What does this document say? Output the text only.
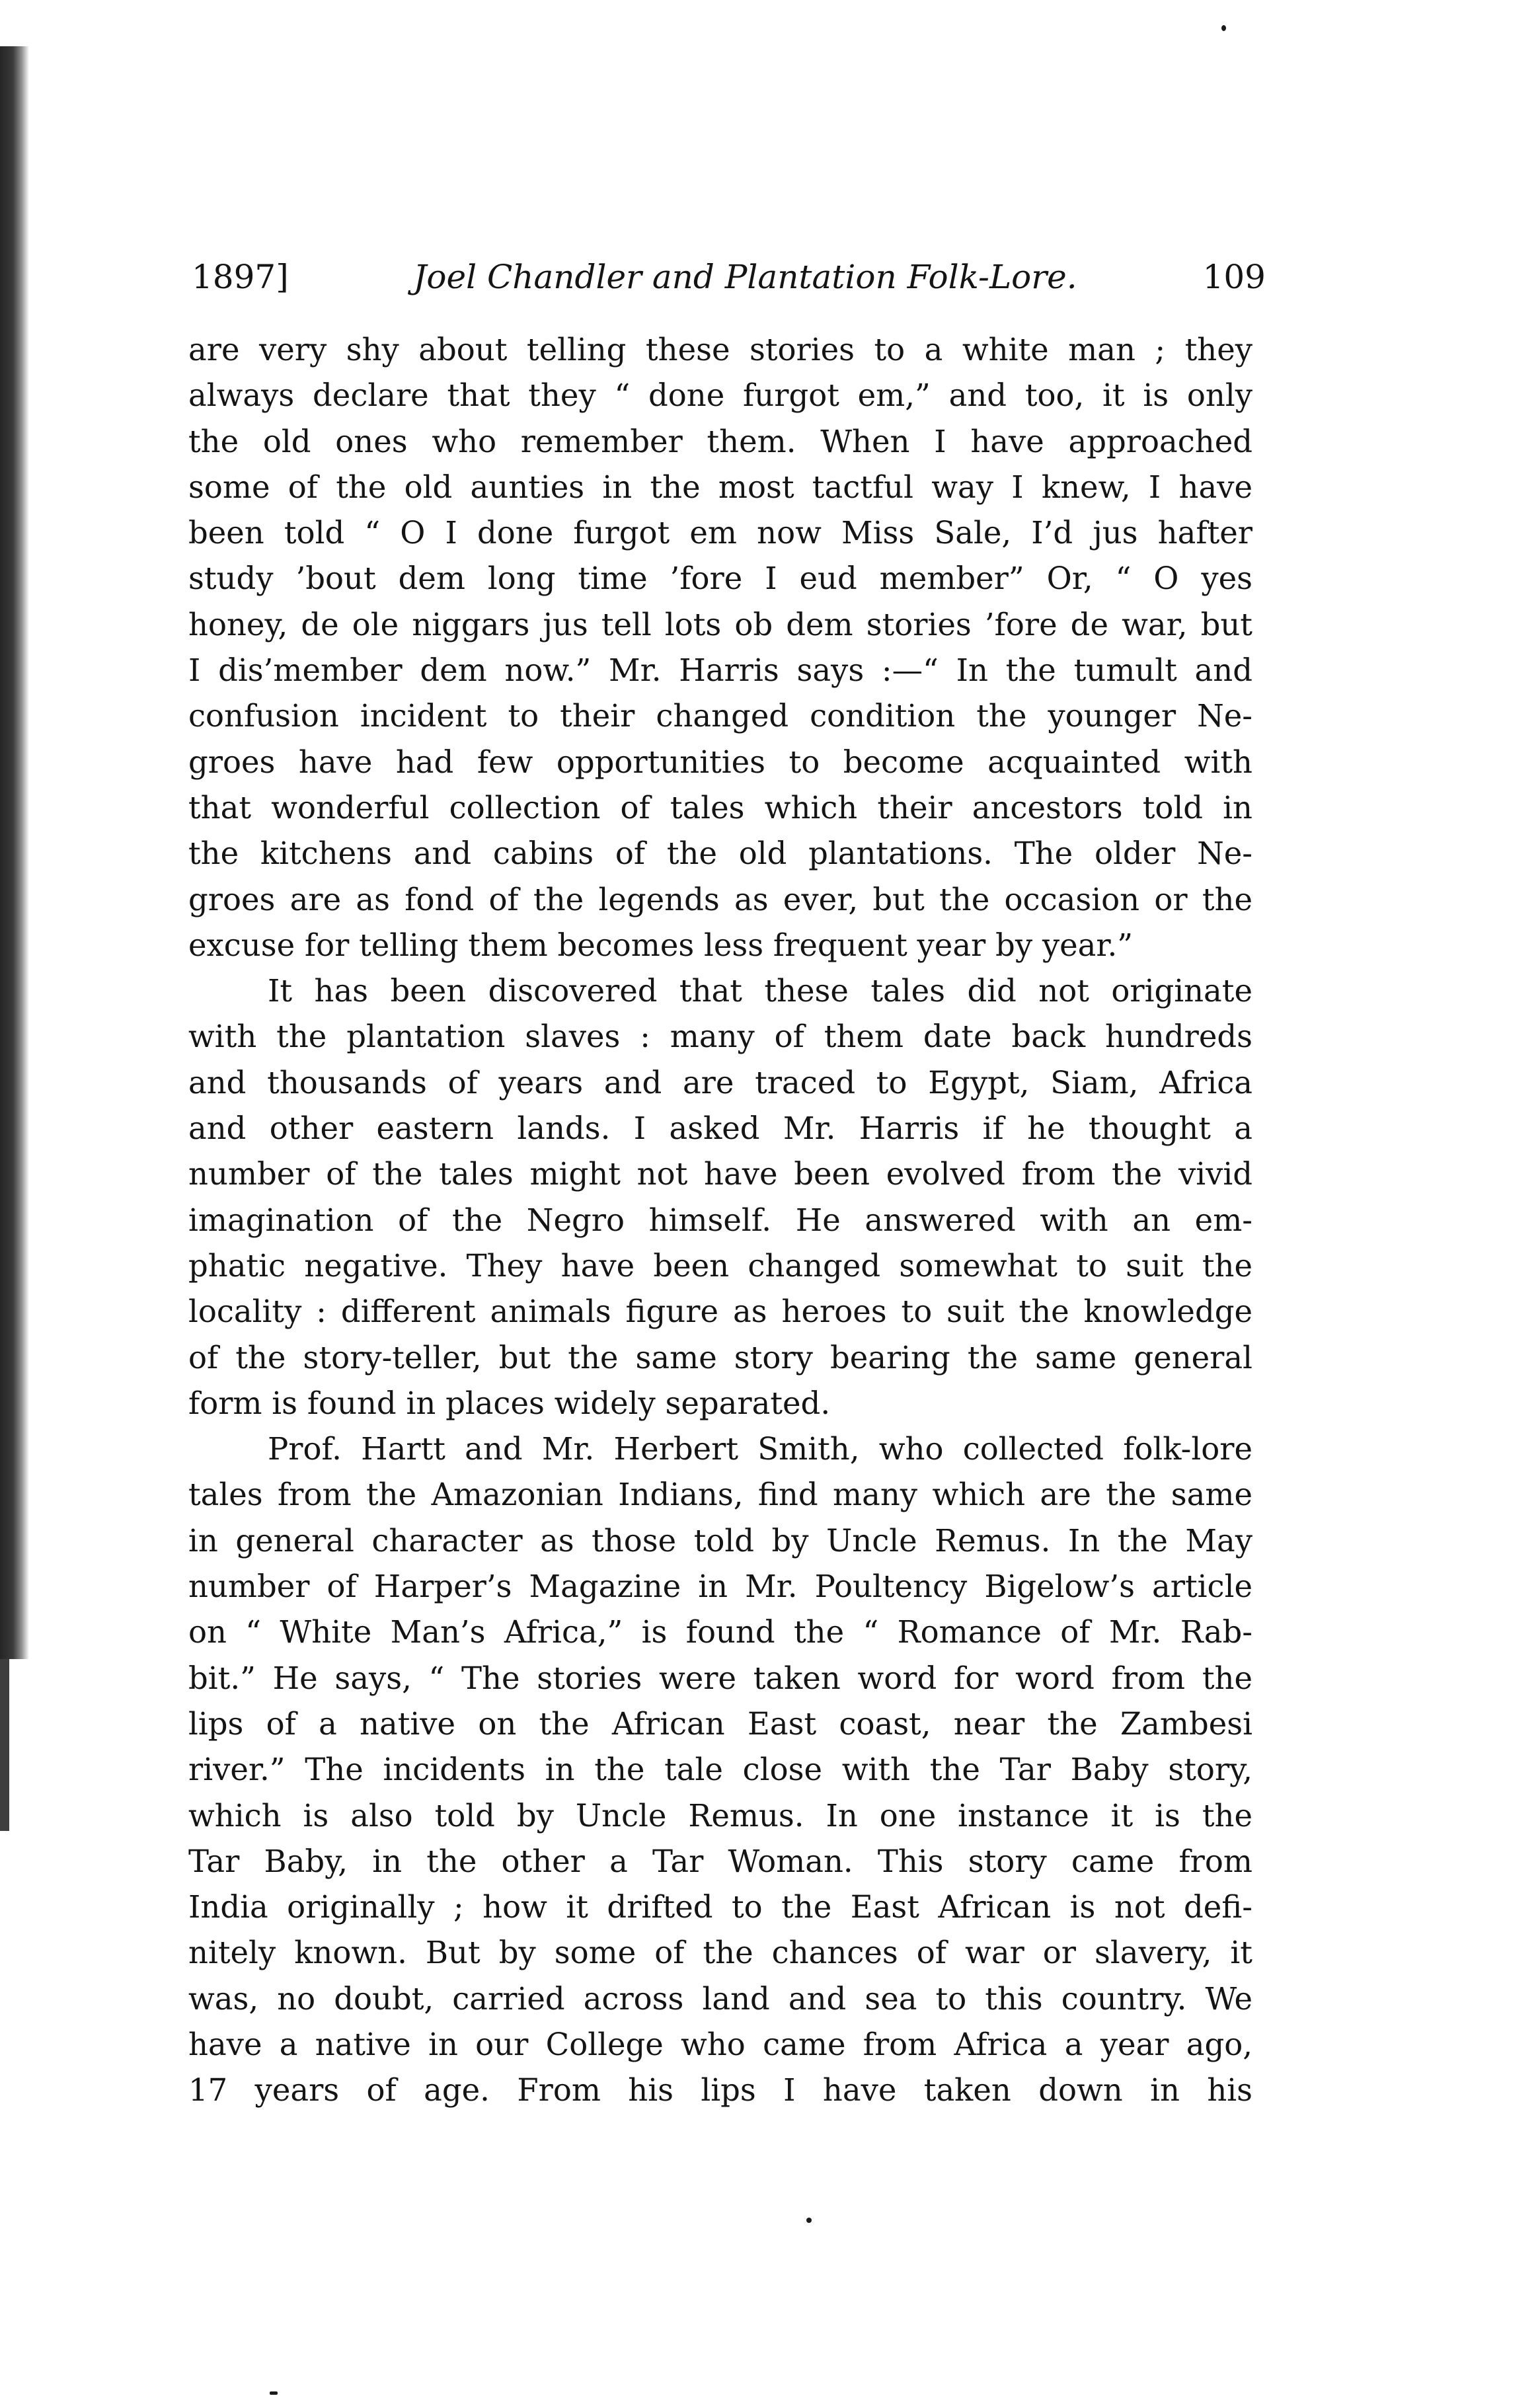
1897]	Joel Chandler and Plantation Folk-Lore.	109
are very shy about telling these stories to a white man ; they
always declare that they “ done furgot em,” and too, it is only
the old ones who remember them. When I have approached
some of the old aunties in the most tactful way I knew, I have
been told “ O I done furgot em now Miss Sale, I’d jus hafter
study ’bout dem long time ’fore I eud member” Or, “ O yes
honey, de ole niggars jus tell lots ob dem stories ’fore de war, but
I dis’member dem now.” Mr. Harris says :—“ In the tumult and
confusion incident to their changed condition the younger Ne-
groes have had few opportunities to become acquainted with
that wonderful collection of tales which their ancestors told in
the kitchens and cabins of the old plantations. The older Ne-
groes are as fond of the legends as ever, but the occasion or the
excuse for telling them becomes less frequent year by year.”
It has been discovered that these tales did not originate
with the plantation slaves : many of them date back hundreds
and thousands of years and are traced to Egypt, Siam, Africa
and other eastern lands. I asked Mr. Harris if he thought a
number of the tales might not have been evolved from the vivid
imagination of the Negro himself. He answered with an em-
phatic negative. They have been changed somewhat to suit the
locality : different animals figure as heroes to suit the knowledge
of the story-teller, but the same story bearing the same general
form is found in places widely separated.
Prof. Hartt and Mr. Herbert Smith, who collected folk-lore
tales from the Amazonian Indians, find many which are the same
in general character as those told by Uncle Remus. In the May
number of Harper’s Magazine in Mr. Poultency Bigelow’s article
on “ White Man’s Africa,” is found the “ Romance of Mr. Rab-
bit.” He says, “ The stories were taken word for word from the
lips of a native on the African East coast, near the Zambesi
river.” The incidents in the tale close with the Tar Baby story,
which is also told by Uncle Remus. In one instance it is the
Tar Baby, in the other a Tar Woman. This story came from
India originally ; how it drifted to the East African is not defi-
nitely known. But by some of the chances of war or slavery, it
was, no doubt, carried across land and sea to this country. We
have a native in our College who came from Africa a year ago,
17 years of age. From his lips I have taken down in his
